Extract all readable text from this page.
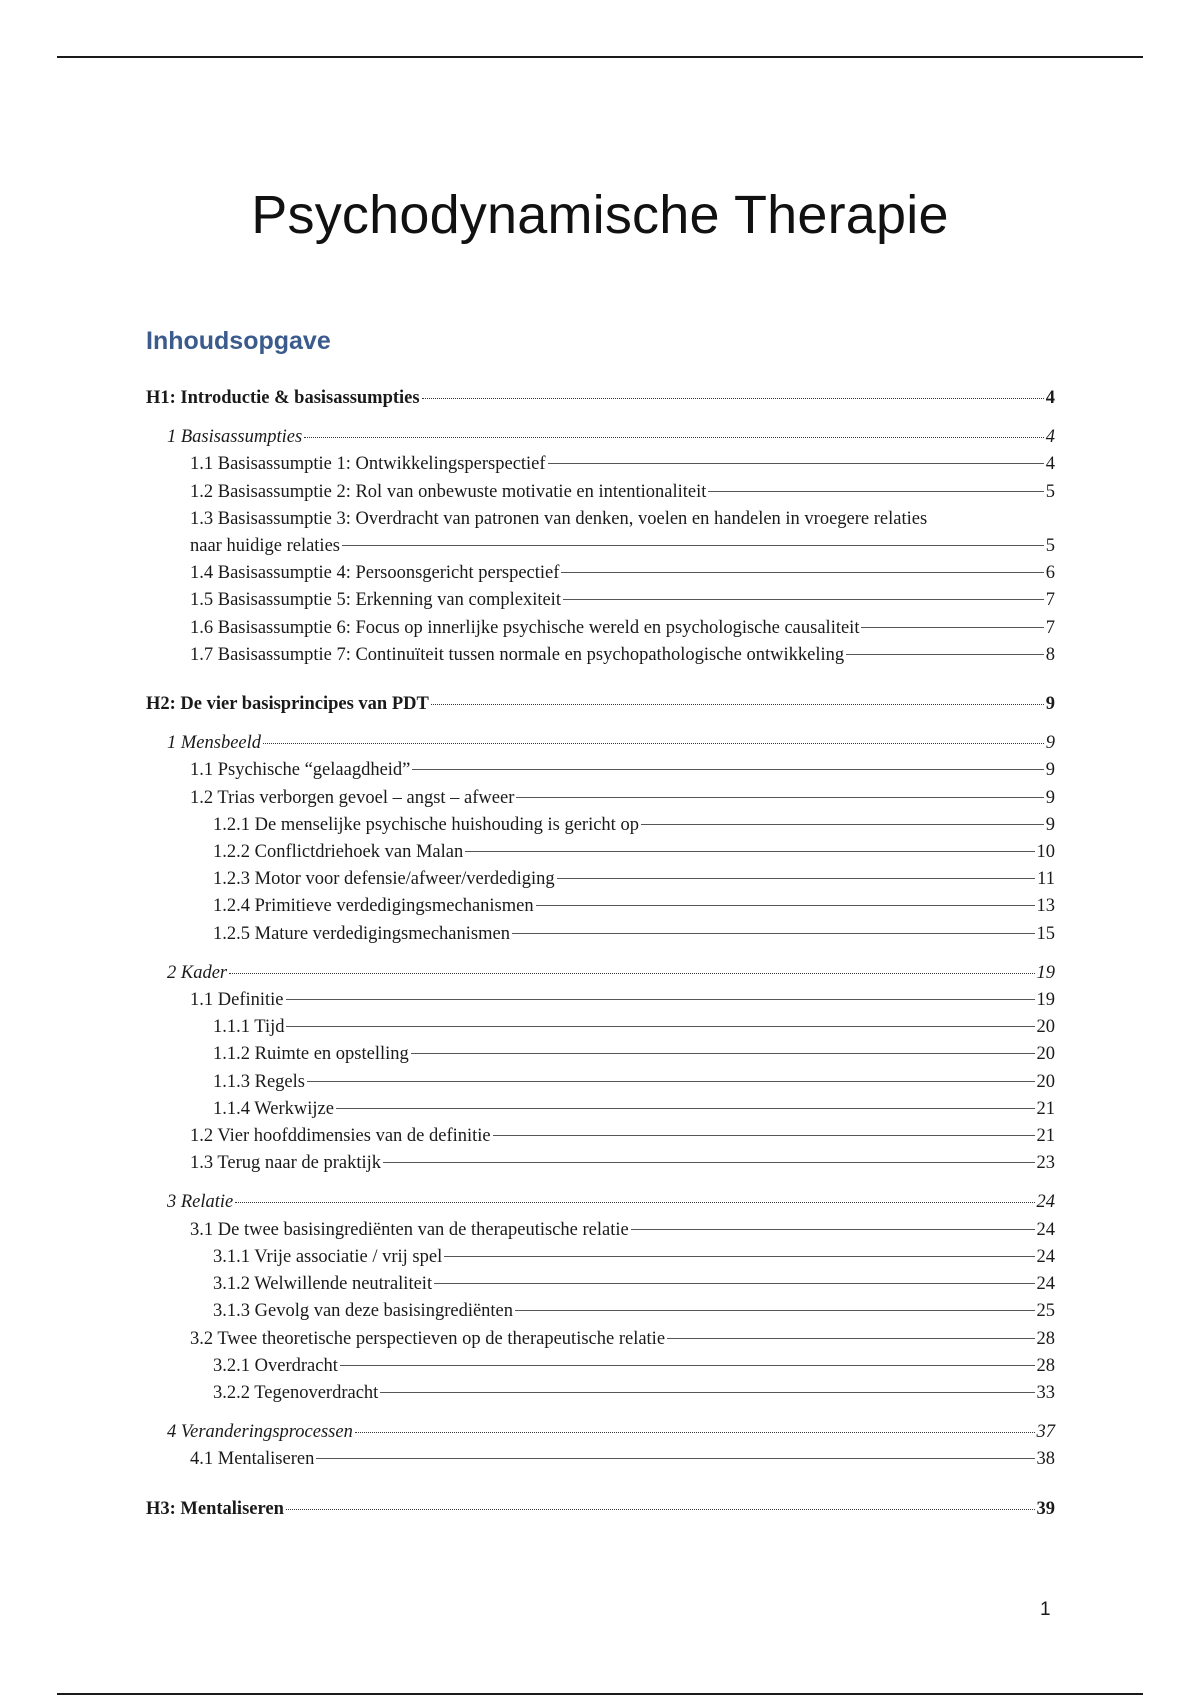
Psychodynamische Therapie
Inhoudsopgave
H1: Introductie & basisassumpties	4
1 Basisassumpties	4
1.1 Basisassumptie 1: Ontwikkelingsperspectief	4
1.2 Basisassumptie 2: Rol van onbewuste motivatie en intentionaliteit	5
1.3 Basisassumptie 3: Overdracht van patronen van denken, voelen en handelen in vroegere relaties
naar huidige relaties	5
1.4 Basisassumptie 4: Persoonsgericht perspectief	6
1.5 Basisassumptie 5: Erkenning van complexiteit	7
1.6 Basisassumptie 6: Focus op innerlijke psychische wereld en psychologische causaliteit	7
1.7 Basisassumptie 7: Continuïteit tussen normale en psychopathologische ontwikkeling	8
H2: De vier basisprincipes van PDT	9
1 Mensbeeld	9
1.1 Psychische “gelaagdheid”	9
1.2 Trias verborgen gevoel – angst – afweer	9
1.2.1 De menselijke psychische huishouding is gericht op	9
1.2.2 Conflictdriehoek van Malan	10
1.2.3 Motor voor defensie/afweer/verdediging	11
1.2.4 Primitieve verdedigingsmechanismen	13
1.2.5 Mature verdedigingsmechanismen	15
2 Kader	19
1.1 Definitie	19
1.1.1 Tijd	20
1.1.2 Ruimte en opstelling	20
1.1.3 Regels	20
1.1.4 Werkwijze	21
1.2 Vier hoofddimensies van de definitie	21
1.3 Terug naar de praktijk	23
3 Relatie	24
3.1 De twee basisingrediënten van de therapeutische relatie	24
3.1.1 Vrije associatie / vrij spel	24
3.1.2 Welwillende neutraliteit	24
3.1.3 Gevolg van deze basisingrediënten	25
3.2 Twee theoretische perspectieven op de therapeutische relatie	28
3.2.1 Overdracht	28
3.2.2 Tegenoverdracht	33
4 Veranderingsprocessen	37
4.1 Mentaliseren	38
H3: Mentaliseren	39
1
